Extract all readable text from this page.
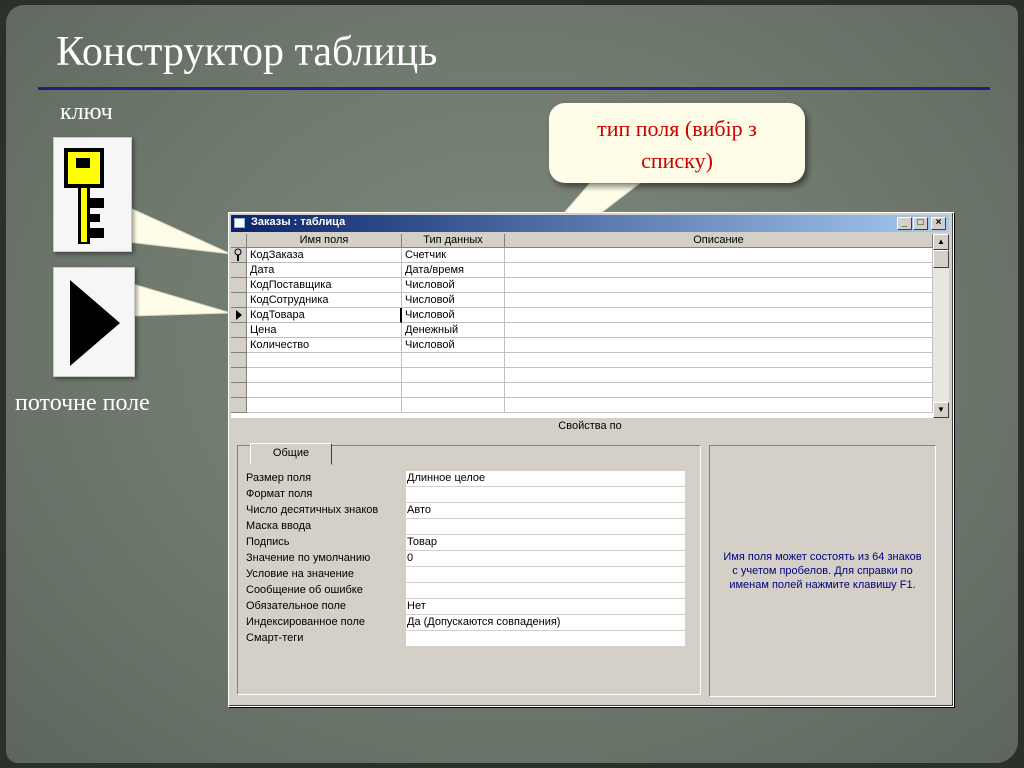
Конструктор таблиць
ключ
поточне поле
тип поля (вибір з
списку)
Заказы : таблица	_	□	×
Имя поля	Тип данных	Описание
КодЗаказа	Счетчик
Дата	Дата/время
КодПоставщика	Числовой
КодСотрудника	Числовой
КодТовара	Числовой
Цена	Денежный
Количество	Числовой
▲
▼
Свойства по
Общие
Размер поля	Длинное целое
Формат поля
Число десятичных знаков	Авто
Маска ввода
Подпись	Товар
Значение по умолчанию	0
Условие на значение
Сообщение об ошибке
Обязательное поле	Нет
Индексированное поле	Да (Допускаются совпадения)
Смарт-теги
Имя поля может состоять из 64 знаков
с учетом пробелов. Для справки по
именам полей нажмите клавишу F1.
